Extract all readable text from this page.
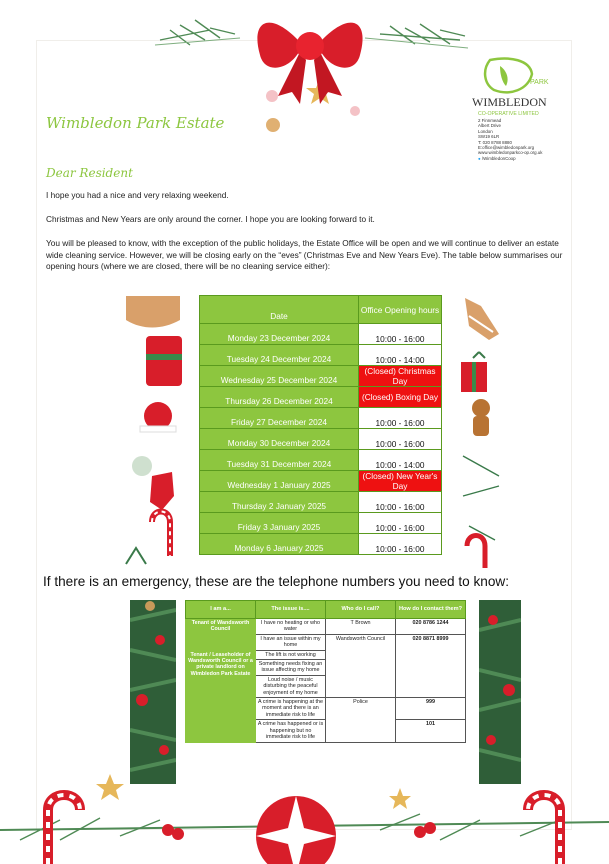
Wimbledon Park Estate
PARK
WIMBLEDON
CO-OPERATIVE LIMITED
2 Finnmead
Albert Drive
London
SW19 6LR
T: 020 8788 8880
E:office@wimbledonpark.org
www.wimbledonparkco-op.org.uk
● /WimbledonCoop
Dear Resident
I hope you had a nice and very relaxing weekend.
Christmas and New Years are only around the corner. I hope you are looking forward to it.
You will be pleased to know, with the exception of the public holidays, the Estate Office will be open and we will continue to deliver an estate wide cleaning service. However, we will be closing early on the “eves” (Christmas Eve and New Years Eve). The table below summarises our opening hours (where we are closed, there will be no cleaning service either):
Date	Office Opening hours
Monday 23 December 2024	10:00 - 16:00
Tuesday 24 December 2024	10:00 - 14:00
Wednesday 25 December 2024	(Closed) Christmas Day
Thursday 26 December 2024	(Closed) Boxing Day
Friday 27 December 2024	10:00 - 16:00
Monday 30 December 2024	10:00 - 16:00
Tuesday 31 December 2024	10:00 - 14:00
Wednesday 1 January 2025	(Closed) New Year's Day
Thursday 2 January 2025	10:00 - 16:00
Friday 3 January 2025	10:00 - 16:00
Monday 6 January 2025	10:00 - 16:00
If there is an emergency, these are the telephone numbers you need to know:
I am a...	The issue is....	Who do I call?	How do I contact them?
Tenant of Wandsworth Council	I have no heating or who water	T Brown	020 8786 1244
	I have an issue within my home	Wandsworth Council	020 8871 8999
Tenant / Leaseholder of Wandsworth Council or a private landlord on Wimbledon Park Estate	The lift is not working		
	Something needs fixing an issue affecting my home		
	Loud noise / music disturbing the peaceful enjoyment of my home		
	A crime is happening at the moment and there is an immediate risk to life	Police	999
	A crime has happened or is happening but no immediate risk to life		101
